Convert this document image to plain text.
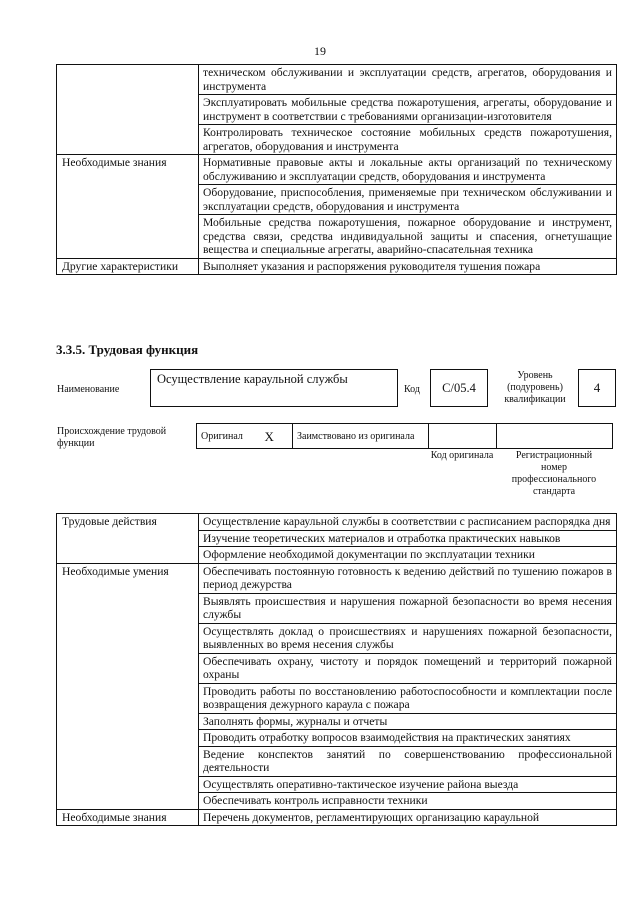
19
	техническом обслуживании и эксплуатации средств, агрегатов, оборудования и инструмента
	Эксплуатировать мобильные средства пожаротушения, агрегаты, оборудование и инструмент в соответствии с требованиями организации-изготовителя
	Контролировать техническое состояние мобильных средств пожаротушения, агрегатов, оборудования и инструмента
Необходимые знания	Нормативные правовые акты и локальные акты организаций по техническому обслуживанию и эксплуатации средств, оборудования и инструмента
	Оборудование, приспособления, применяемые при техническом обслуживании и эксплуатации средств, оборудования и инструмента
	Мобильные средства пожаротушения, пожарное оборудование и инструмент, средства связи, средства индивидуальной защиты и спасения, огнетушащие вещества и специальные агрегаты, аварийно-спасательная техника
Другие характеристики	Выполняет указания и распоряжения руководителя тушения пожара
3.3.5. Трудовая функция
Наименование
Осуществление караульной службы
Код	C/05.4
Уровень (подуровень) квалификации
4
Происхождение трудовой функции
Оригинал	X	Заимствовано из оригинала		
Код оригинала	Регистрационный номер профессионального стандарта
Трудовые действия	Осуществление караульной службы в соответствии с расписанием распорядка дня
	Изучение теоретических материалов и отработка практических навыков
	Оформление необходимой документации по эксплуатации техники
Необходимые умения	Обеспечивать постоянную готовность к ведению действий по тушению пожаров в период дежурства
	Выявлять происшествия и нарушения пожарной безопасности во время несения службы
	Осуществлять доклад о происшествиях и нарушениях пожарной безопасности, выявленных во время несения службы
	Обеспечивать охрану, чистоту и порядок помещений и территорий пожарной охраны
	Проводить работы по восстановлению работоспособности и комплектации после возвращения дежурного караула с пожара
	Заполнять формы, журналы и отчеты
	Проводить отработку вопросов взаимодействия на практических занятиях
	Ведение конспектов занятий по совершенствованию профессиональной деятельности
	Осуществлять оперативно-тактическое изучение района выезда
	Обеспечивать контроль исправности техники
Необходимые знания	Перечень документов, регламентирующих организацию караульной
